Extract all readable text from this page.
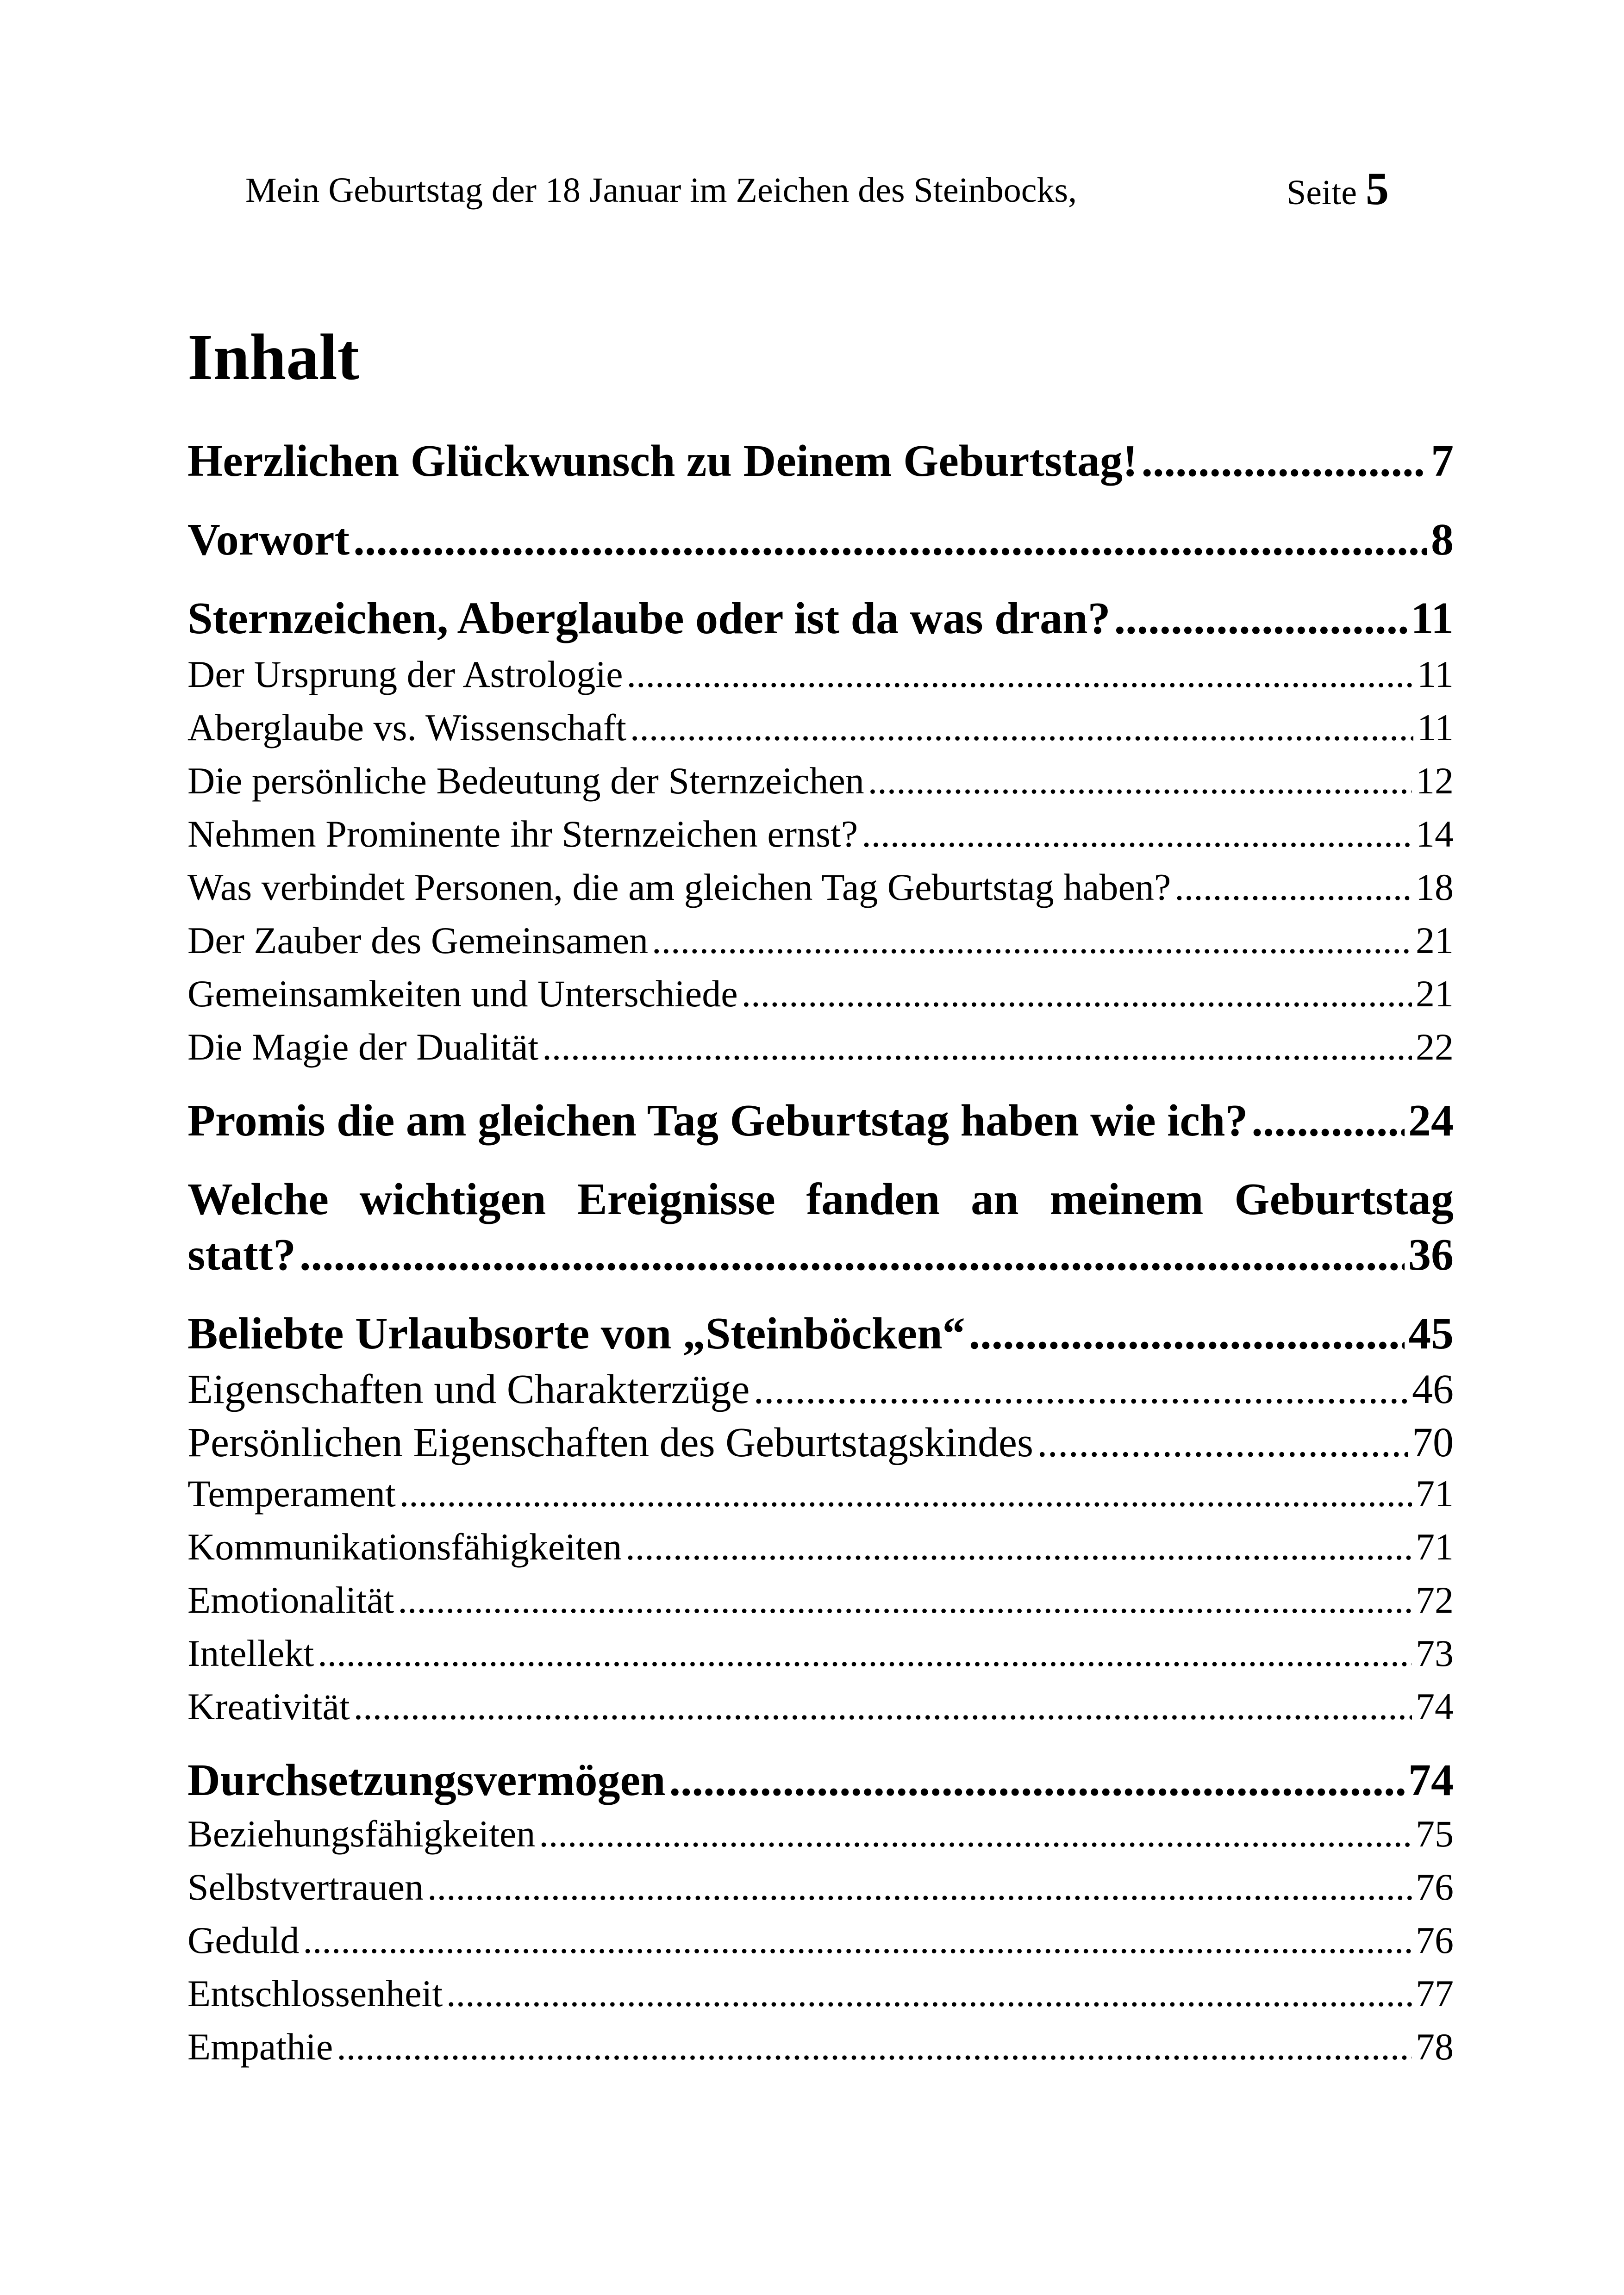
Mein Geburtstag der 18 Januar im Zeichen des Steinbocks,	Seite 5
Inhalt
Herzlichen Glückwunsch zu Deinem Geburtstag! .....	7
Vorwort .....	8
Sternzeichen, Aberglaube oder ist da was dran? .....	11
Der Ursprung der Astrologie .....	11
Aberglaube vs. Wissenschaft .....	11
Die persönliche Bedeutung der Sternzeichen .....	12
Nehmen Prominente ihr Sternzeichen ernst? .....	14
Was verbindet Personen, die am gleichen Tag Geburtstag haben? .....	18
Der Zauber des Gemeinsamen .....	21
Gemeinsamkeiten und Unterschiede .....	21
Die Magie der Dualität .....	22
Promis die am gleichen Tag Geburtstag haben wie ich? .....	24
Welche wichtigen Ereignisse fanden an meinem Geburtstag
statt? .....	36
Beliebte Urlaubsorte von „Steinböcken“ .....	45
Eigenschaften und Charakterzüge .....	46
Persönlichen Eigenschaften des Geburtstagskindes .....	70
Temperament .....	71
Kommunikationsfähigkeiten .....	71
Emotionalität .....	72
Intellekt .....	73
Kreativität .....	74
Durchsetzungsvermögen .....	74
Beziehungsfähigkeiten .....	75
Selbstvertrauen .....	76
Geduld .....	76
Entschlossenheit .....	77
Empathie .....	78
